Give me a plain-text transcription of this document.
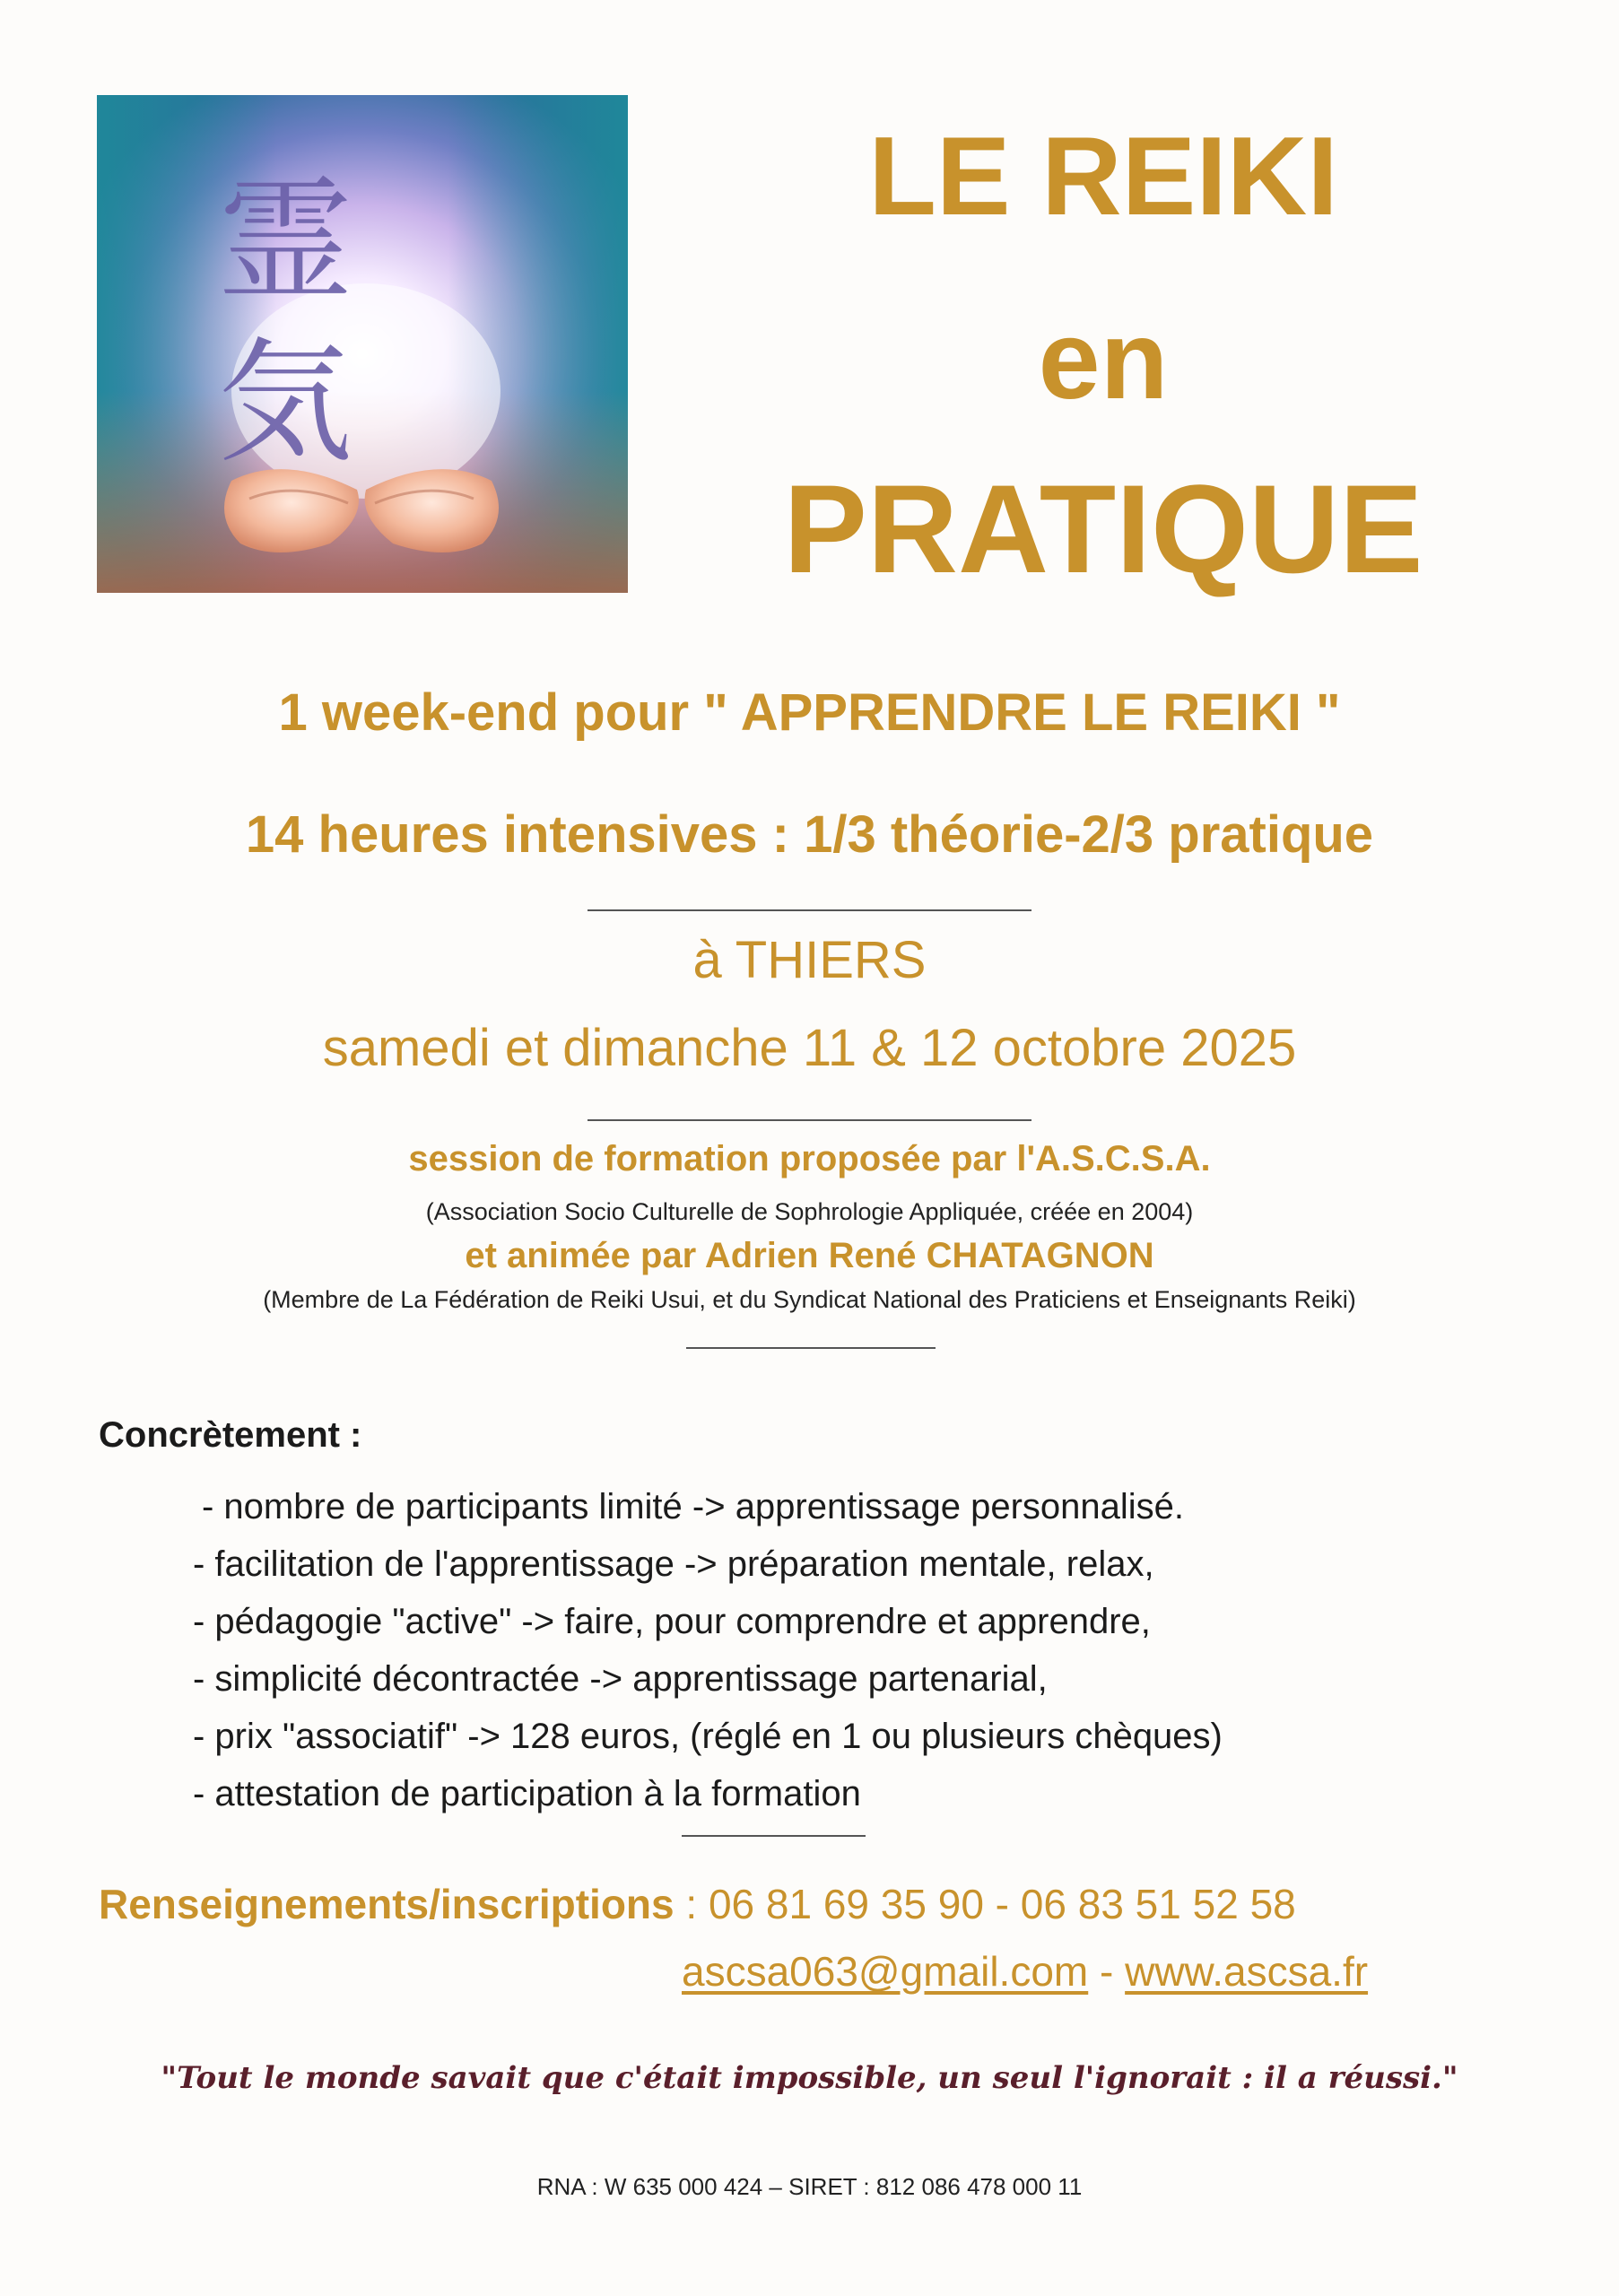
霊
気
LE REIKI
en
PRATIQUE
1 week-end pour " APPRENDRE LE REIKI "
14 heures intensives : 1/3 théorie-2/3 pratique
à THIERS
samedi et dimanche 11 & 12 octobre 2025
session de formation proposée par l'A.S.C.S.A.
(Association Socio Culturelle de Sophrologie Appliquée, créée en 2004)
et animée par Adrien René CHATAGNON
(Membre de La Fédération de Reiki Usui, et du Syndicat National des Praticiens et Enseignants Reiki)
Concrètement :
- nombre de participants limité -> apprentissage personnalisé.
- facilitation de l'apprentissage -> préparation mentale, relax,
- pédagogie "active" -> faire, pour comprendre et apprendre,
- simplicité décontractée -> apprentissage partenarial,
- prix "associatif" -> 128 euros, (réglé en 1 ou plusieurs chèques)
- attestation de participation à la formation
Renseignements/inscriptions : 06 81 69 35 90 - 06 83 51 52 58
ascsa063@gmail.com - www.ascsa.fr
"Tout le monde savait que c'était impossible, un seul l'ignorait : il a réussi."
RNA : W 635 000 424 – SIRET : 812 086 478 000 11
